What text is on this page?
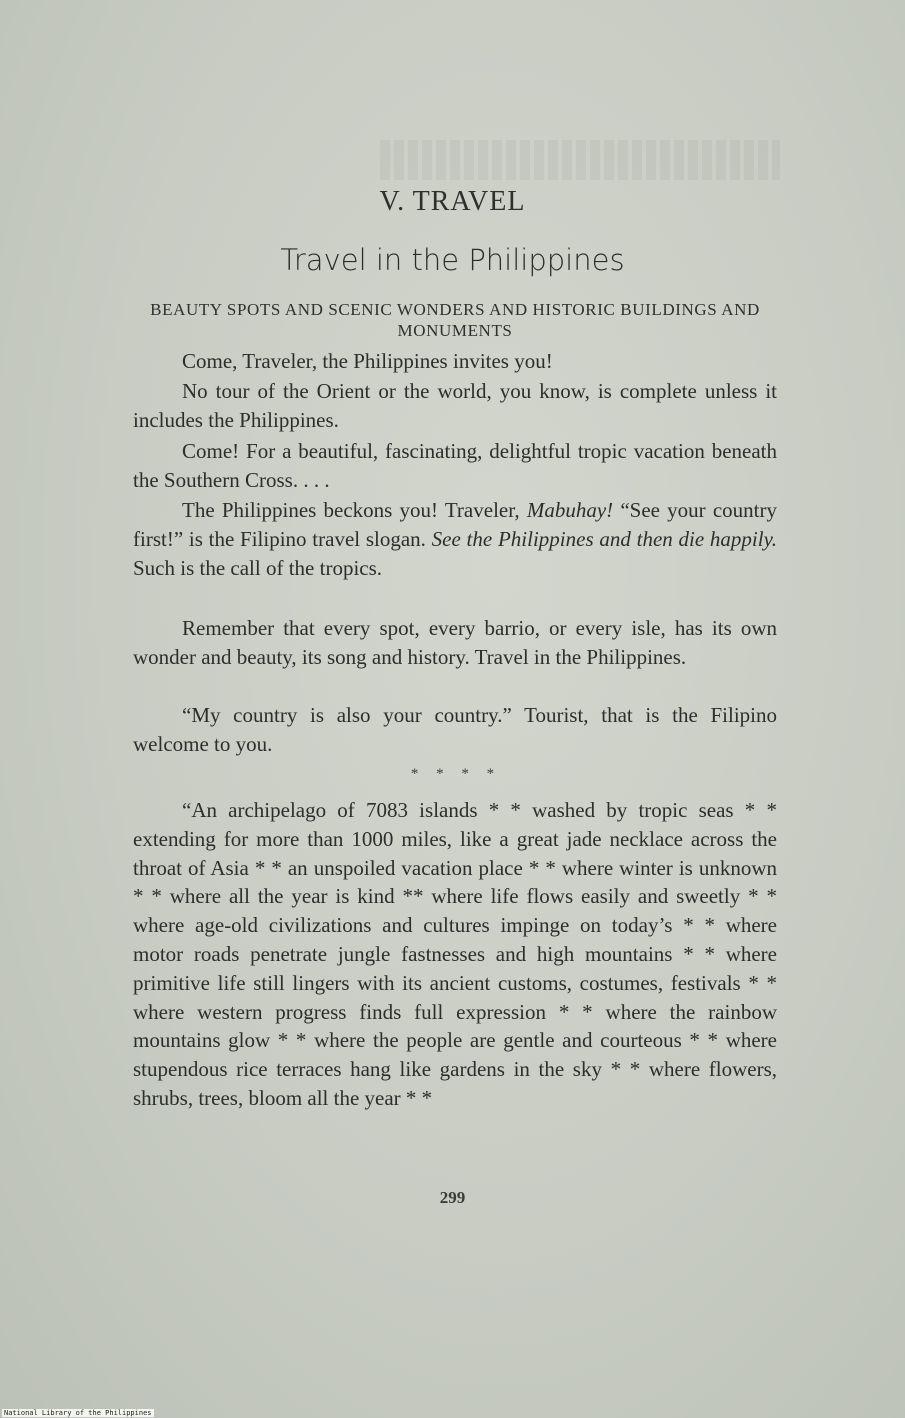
V. TRAVEL
Travel in the Philippines
BEAUTY SPOTS AND SCENIC WONDERS AND HISTORIC BUILDINGS AND MONUMENTS
Come, Traveler, the Philippines invites you!
No tour of the Orient or the world, you know, is complete unless it includes the Philippines.
Come! For a beautiful, fascinating, delightful tropic vacation beneath the Southern Cross. . . .
The Philippines beckons you! Traveler, Mabuhay! “See your country first!” is the Filipino travel slogan. See the Philippines and then die happily. Such is the call of the tropics.
Remember that every spot, every barrio, or every isle, has its own wonder and beauty, its song and history. Travel in the Philippines.
“My country is also your country.” Tourist, that is the Filipino welcome to you.
* * * *
“An archipelago of 7083 islands * * washed by tropic seas * * extending for more than 1000 miles, like a great jade necklace across the throat of Asia * * an unspoiled vacation place * * where winter is unknown * * where all the year is kind ** where life flows easily and sweetly * * where age-old civilizations and cultures impinge on today’s * * where motor roads penetrate jungle fastnesses and high mountains * * where primitive life still lingers with its ancient customs, costumes, festivals * * where western progress finds full expression * * where the rainbow mountains glow * * where the people are gentle and courteous * * where stupendous rice terraces hang like gardens in the sky * * where flowers, shrubs, trees, bloom all the year * *
299
National Library of the Philippines
